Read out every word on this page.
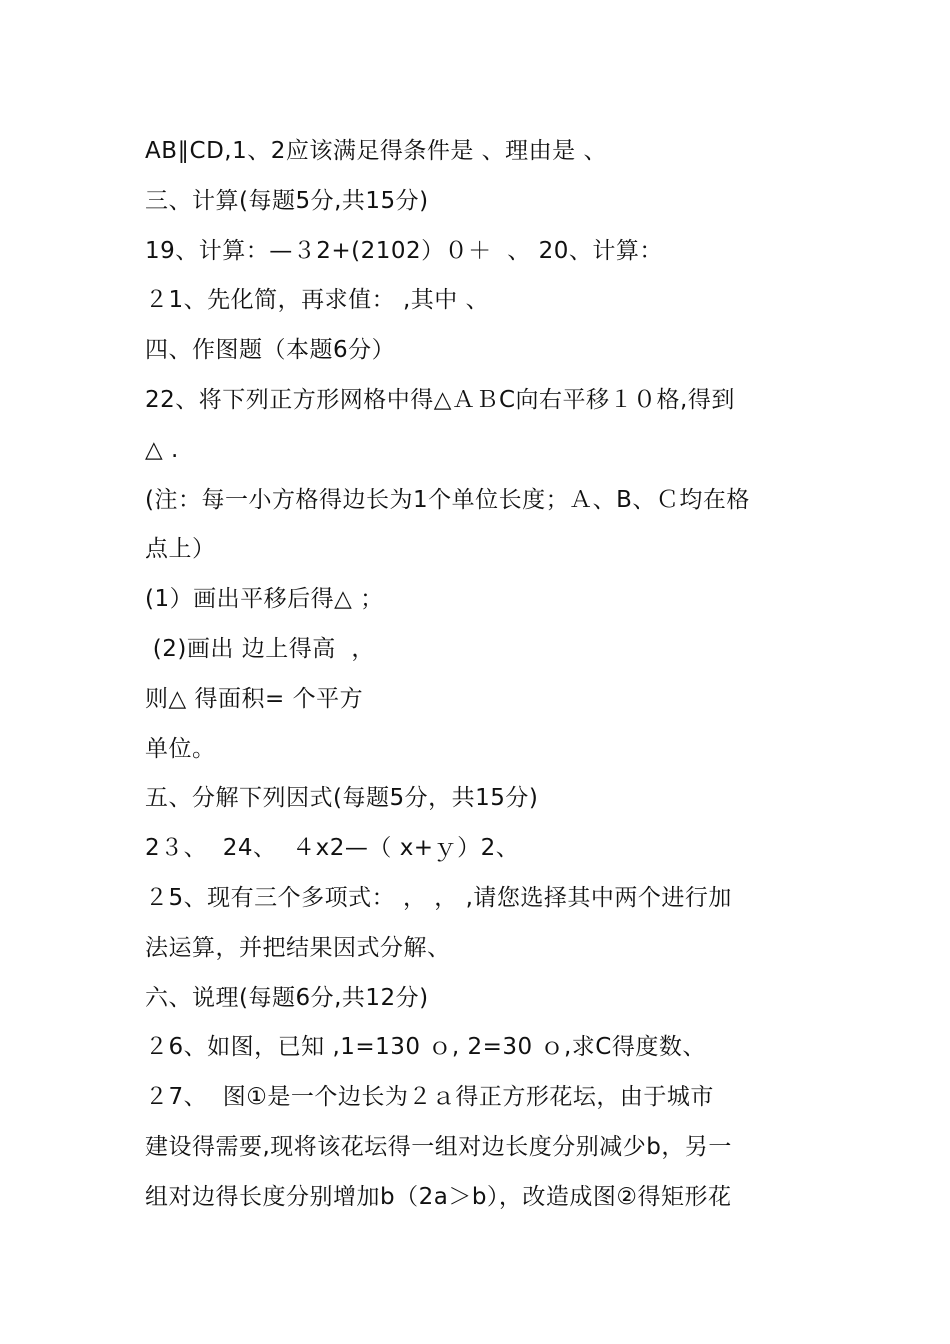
AB∥CD,1、2应该满足得条件是 、理由是 、
三、计算(每题5分,共15分)
19、计算：—３2+(2102）０＋  、 20、计算：
２1、先化简，再求值： ,其中 、
四、作图题（本题6分）
22、将下列正方形网格中得△ＡＢC向右平移１０格,得到
△ .
(注：每一小方格得边长为1个单位长度；Ａ、B、Ｃ均在格
点上）
(1）画出平移后得△ ；
(2)画出 边上得高  ，
则△ 得面积= 个平方
单位。
五、分解下列因式(每题5分，共15分)
2３、  24、  ４x2—（ x+ｙ）2、
２5、现有三个多项式： ， ， ,请您选择其中两个进行加
法运算，并把结果因式分解、
六、说理(每题6分,共12分)
２6、如图，已知 ,1=130 ｏ, 2=30 ｏ,求C得度数、
２7、  图①是一个边长为２ａ得正方形花坛，由于城市
建设得需要,现将该花坛得一组对边长度分别减少b，另一
组对边得长度分别增加b（2a＞b），改造成图②得矩形花
